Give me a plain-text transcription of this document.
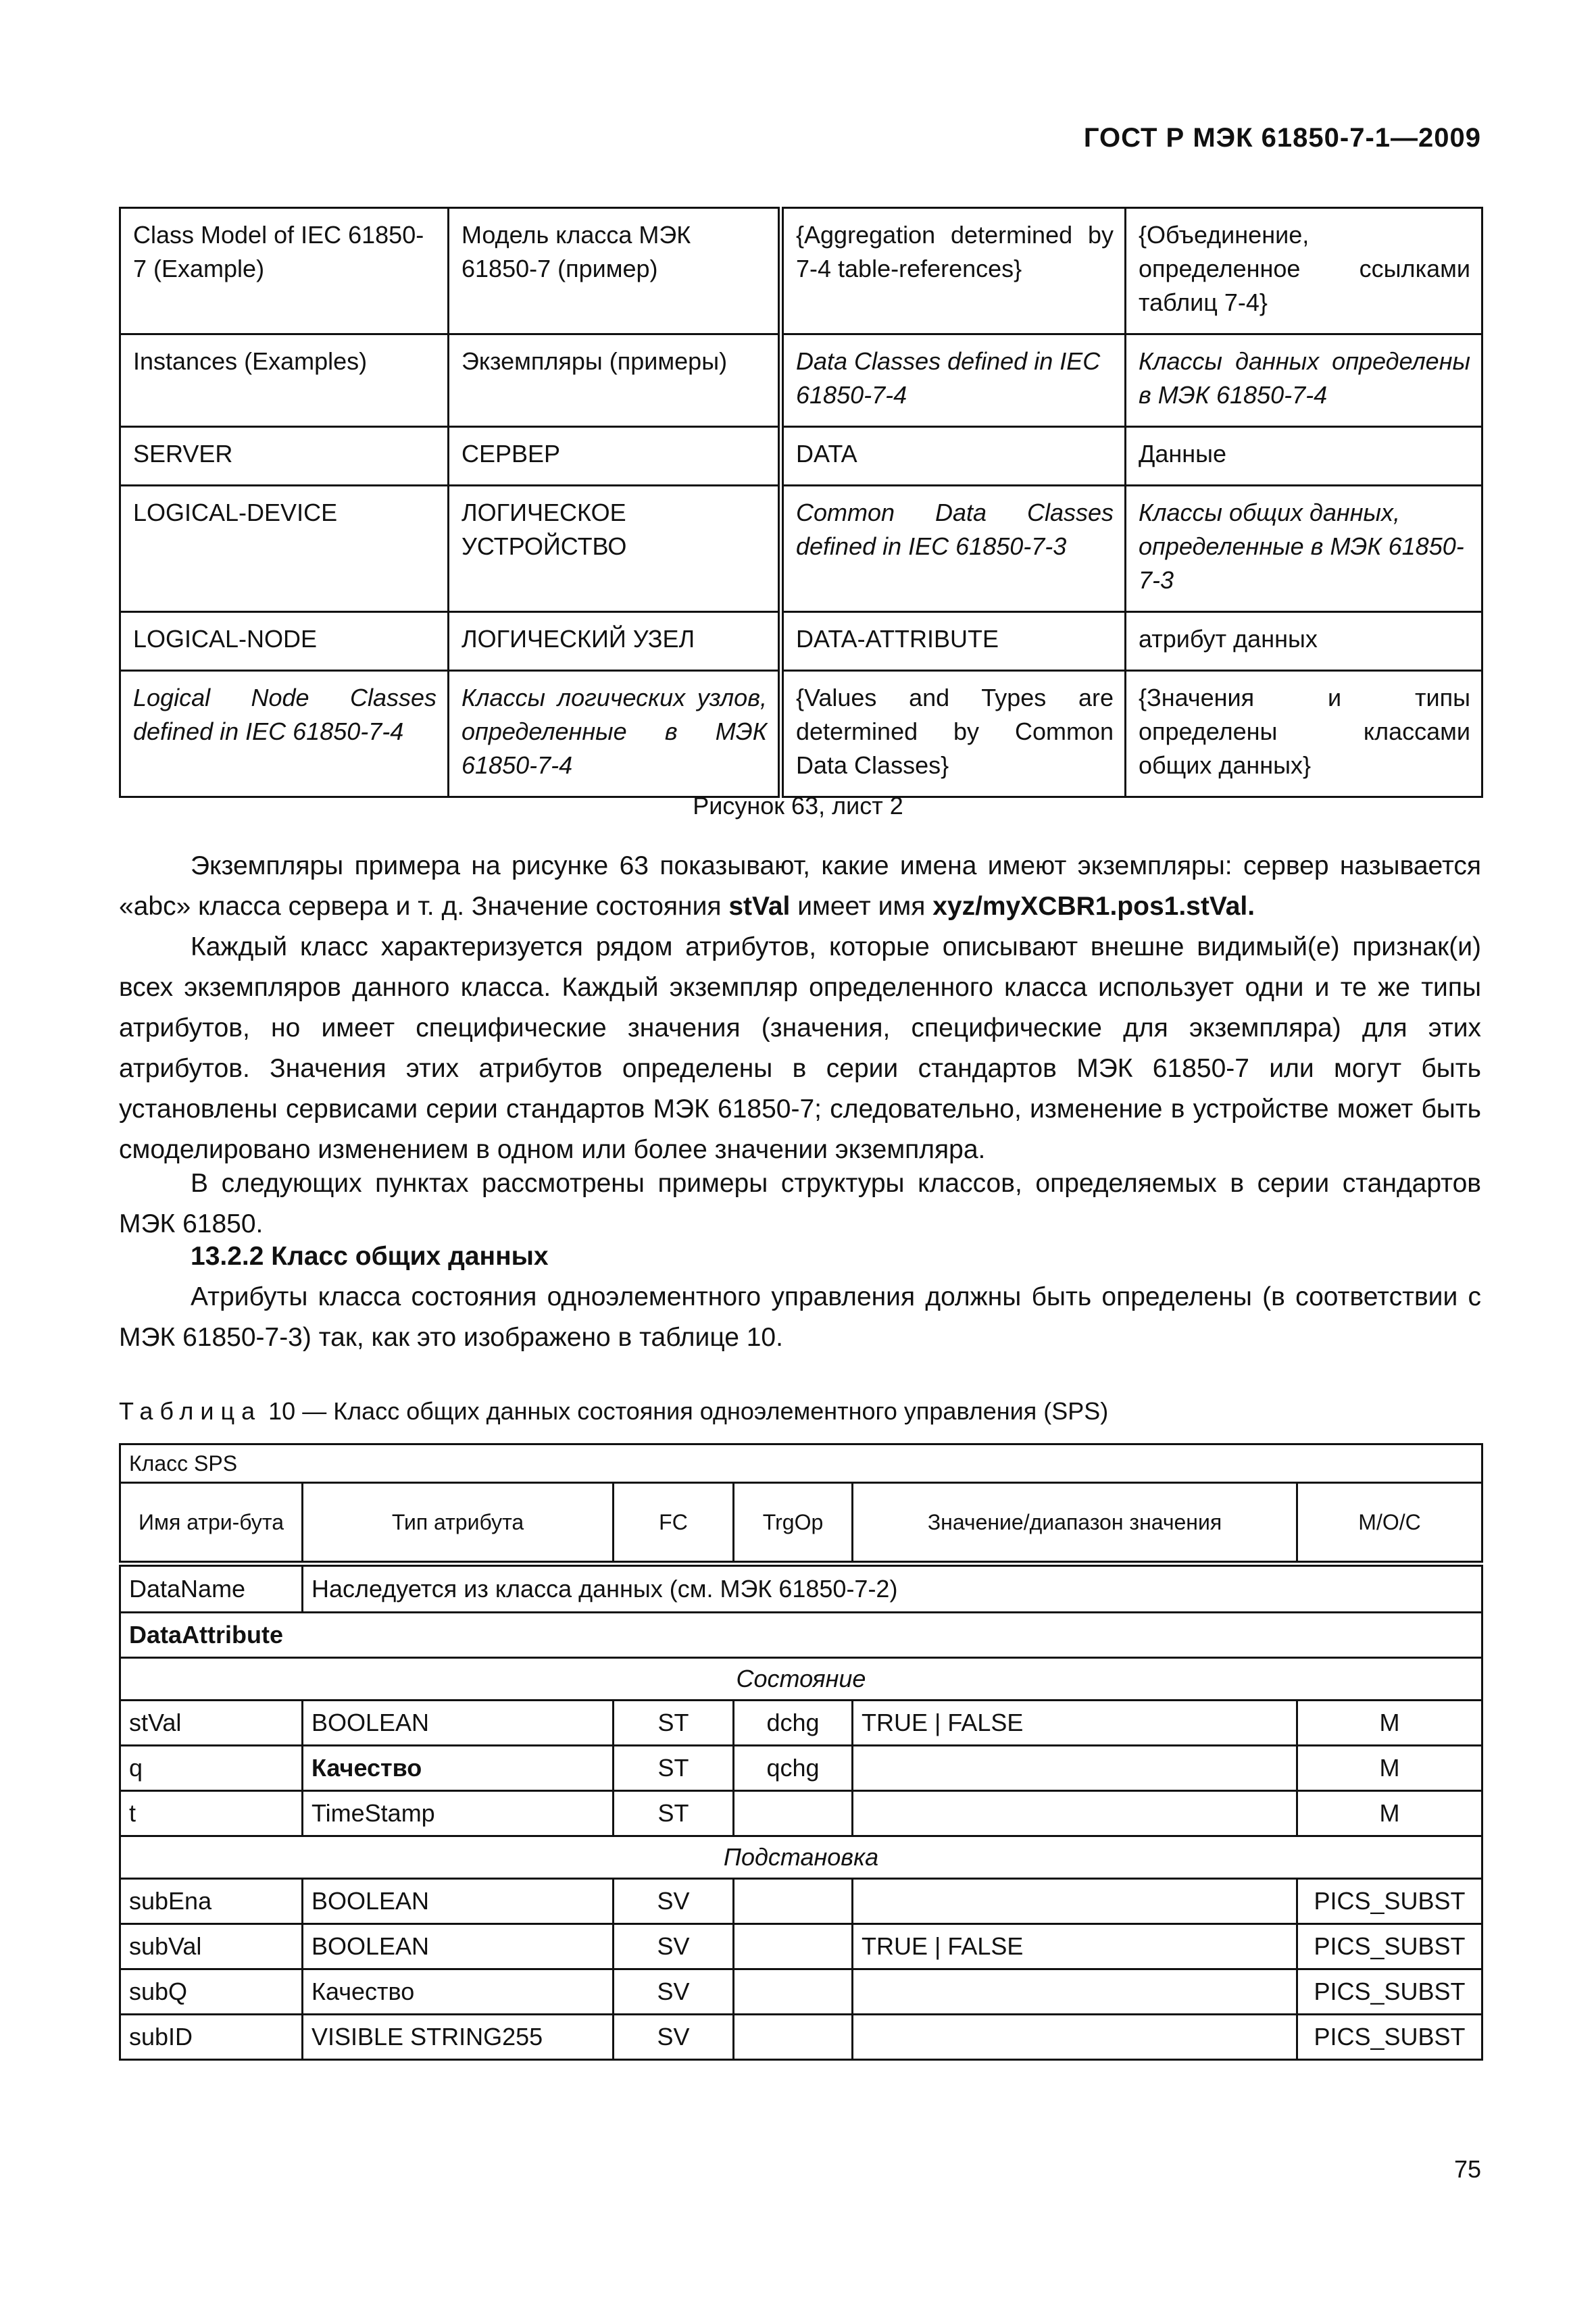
ГОСТ Р МЭК 61850-7-1—2009
Class Model of IEC 61850-7 (Example)	Модель класса МЭК 61850-7 (пример)	{Aggregation determined by 7-4 table-references}	{Объединение, определенное ссылками таблиц 7-4}
Instances (Examples)	Экземпляры (примеры)	Data Classes defined in IEC 61850-7-4	Классы данных определены в МЭК 61850-7-4
SERVER	СЕРВЕР	DATA	Данные
LOGICAL-DEVICE	ЛОГИЧЕСКОЕ УСТРОЙСТВО	Common Data Classes defined in IEC 61850-7-3	Классы общих данных, определенные в МЭК 61850-7-3
LOGICAL-NODE	ЛОГИЧЕСКИЙ УЗЕЛ	DATA-ATTRIBUTE	атрибут данных
Logical Node Classes defined in IEC 61850-7-4	Классы логических узлов, определенные в МЭК 61850-7-4	{Values and Types are determined by Common Data Classes}	{Значения и типы определены классами общих данных}
Рисунок 63, лист 2

Экземпляры примера на рисунке 63 показывают, какие имена имеют экземпляры: сервер называется «abc» класса сервера и т. д. Значение состояния stVal имеет имя xyz/myXCBR1.pos1.stVal.

Каждый класс характеризуется рядом атрибутов, которые описывают внешне видимый(е) признак(и) всех экземпляров данного класса. Каждый экземпляр определенного класса использует одни и те же типы атрибутов, но имеет специфические значения (значения, специфические для экземпляра) для этих атрибутов. Значения этих атрибутов определены в серии стандартов МЭК 61850-7 или могут быть установлены сервисами серии стандартов МЭК 61850-7; следовательно, изменение в устройстве может быть смоделировано изменением в одном или более значении экземпляра.

В следующих пунктах рассмотрены примеры структуры классов, определяемых в серии стандартов МЭК 61850.

13.2.2 Класс общих данных

Атрибуты класса состояния одноэлементного управления должны быть определены (в соответствии с МЭК 61850-7-3) так, как это изображено в таблице 10.

Таблица 10 — Класс общих данных состояния одноэлементного управления (SPS)
Класс SPS					
Имя атри-бута	Тип атрибута	FC	TrgOp	Значение/диапазон значения	M/O/C
DataName	Наследуется из класса данных (см. МЭК 61850-7-2)				
DataAttribute					
Состояние					
stVal	BOOLEAN	ST	dchg	TRUE | FALSE	M
q	Качество	ST	qchg		M
t	TimeStamp	ST			M
Подстановка					
subEna	BOOLEAN	SV			PICS_SUBST
subVal	BOOLEAN	SV		TRUE | FALSE	PICS_SUBST
subQ	Качество	SV			PICS_SUBST
subID	VISIBLE STRING255	SV			PICS_SUBST
75
